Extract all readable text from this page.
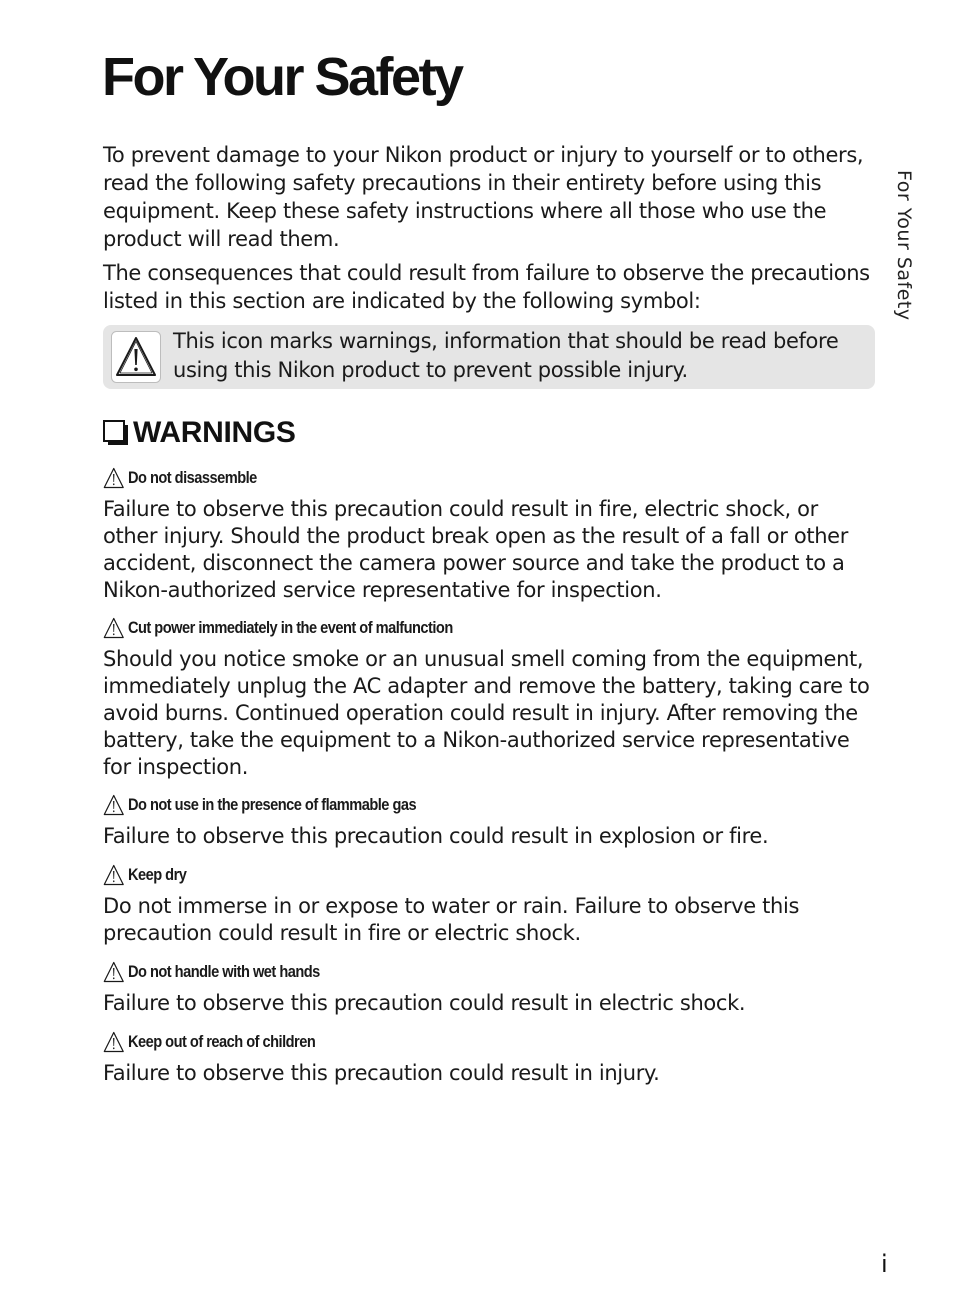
For Your Safety

To prevent damage to your Nikon product or injury to yourself or to others, read the following safety precautions in their entirety before using this equipment. Keep these safety instructions where all those who use the product will read them.

The consequences that could result from failure to observe the precautions listed in this section are indicated by the following symbol:

This icon marks warnings, information that should be read before using this Nikon product to prevent possible injury.

WARNINGS
Do not disassemble

Failure to observe this precaution could result in fire, electric shock, or other injury. Should the product break open as the result of a fall or other accident, disconnect the camera power source and take the product to a Nikon-authorized service representative for inspection.

Cut power immediately in the event of malfunction

Should you notice smoke or an unusual smell coming from the equipment, immediately unplug the AC adapter and remove the battery, taking care to avoid burns. Continued operation could result in injury. After removing the battery, take the equipment to a Nikon-authorized service representative for inspection.

Do not use in the presence of flammable gas

Failure to observe this precaution could result in explosion or fire.

Keep dry

Do not immerse in or expose to water or rain. Failure to observe this precaution could result in fire or electric shock.

Do not handle with wet hands

Failure to observe this precaution could result in electric shock.

Keep out of reach of children

Failure to observe this precaution could result in injury.

For Your Safety
i
